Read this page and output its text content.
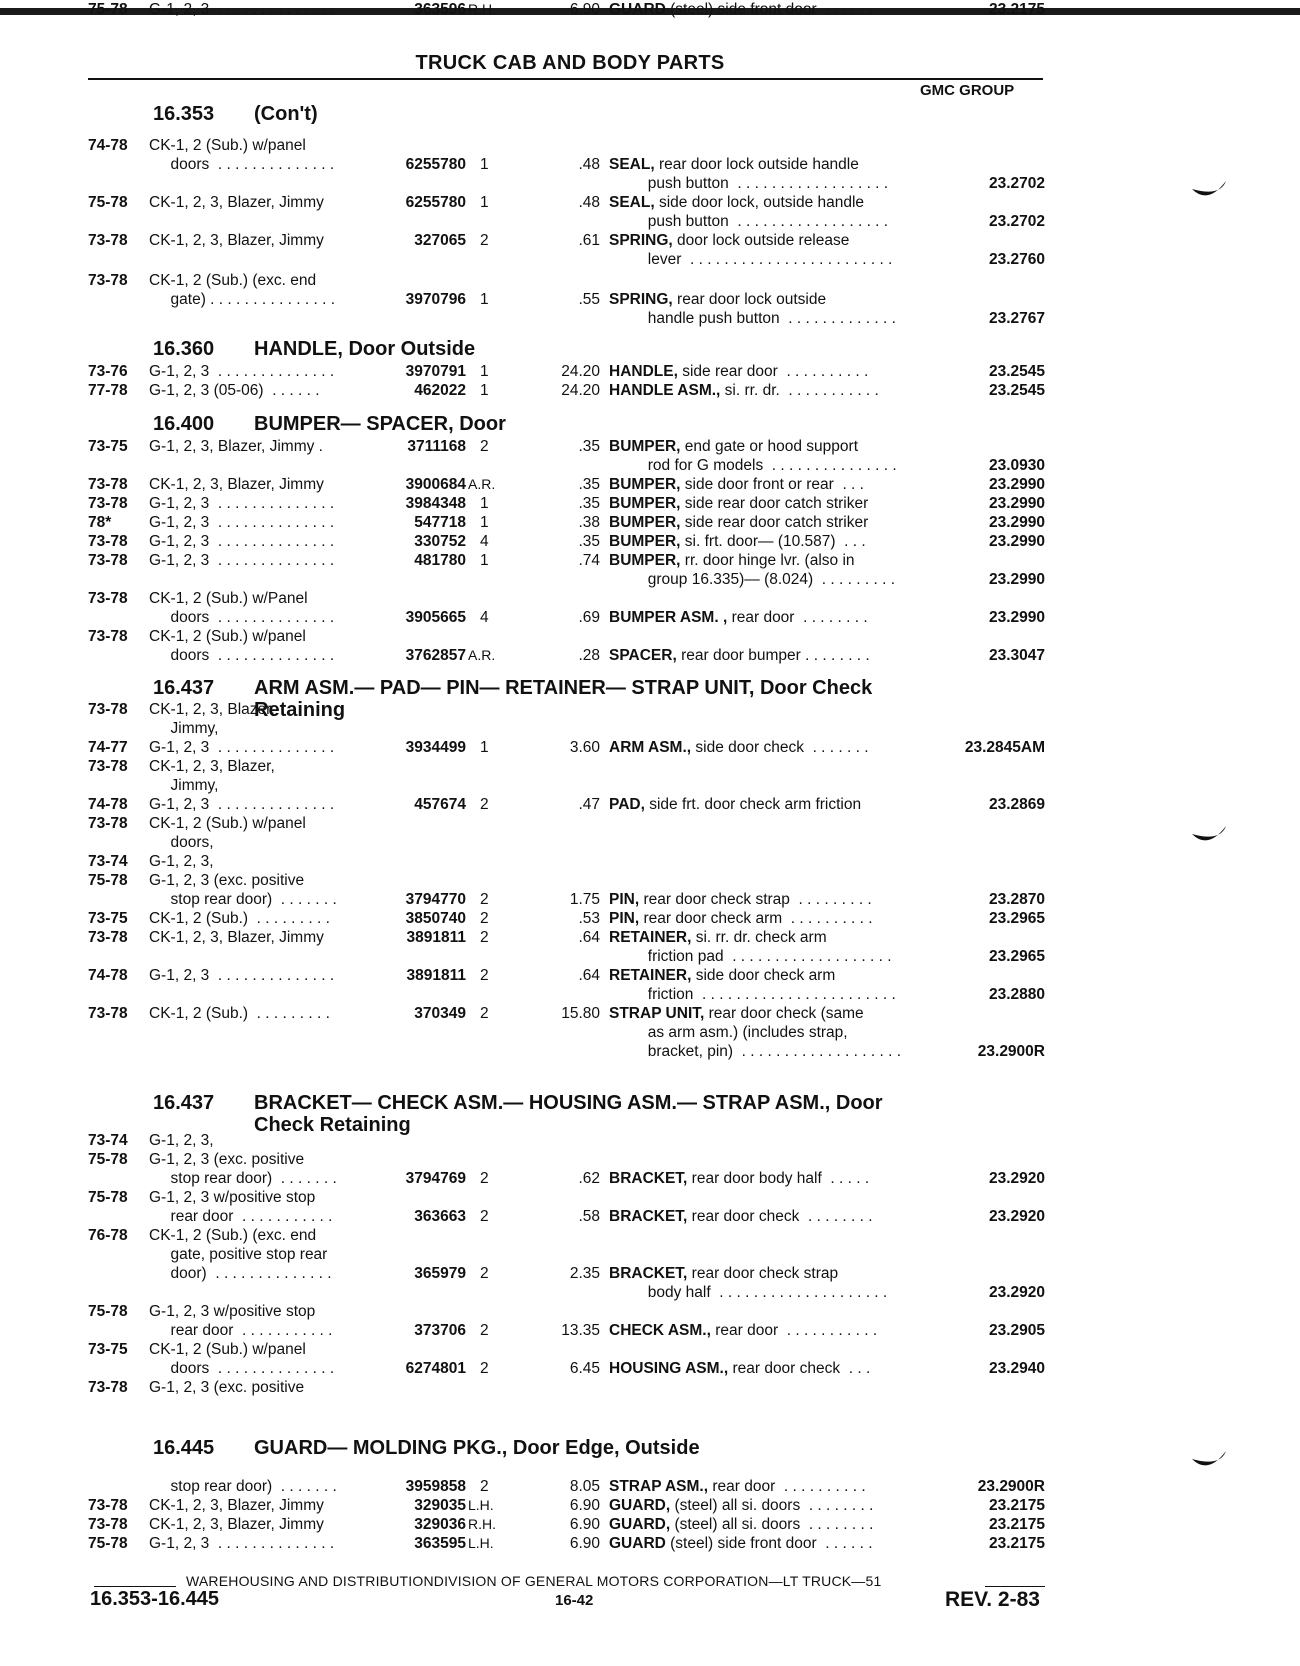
TRUCK CAB AND BODY PARTS
GMC GROUP
16.353 (Con't)
16.360 HANDLE, Door Outside
16.400 BUMPER— SPACER, Door
16.437 ARM ASM.— PAD— PIN— RETAINER— STRAP UNIT, Door Check
Retaining
16.437 BRACKET— CHECK ASM.— HOUSING ASM.— STRAP ASM., Door
Check Retaining
16.445 GUARD— MOLDING PKG., Door Edge, Outside
74-78	CK-1, 2 (Sub.) w/panel
doors  . . . . . . . . . . . . . .	6255780 1	.48 SEAL, rear door lock outside handle
push button  . . . . . . . . . . . . . . . . . .	23.2702
75-78	CK-1, 2, 3, Blazer, Jimmy	6255780 1	.48 SEAL, side door lock, outside handle
push button  . . . . . . . . . . . . . . . . . .	23.2702
73-78	CK-1, 2, 3, Blazer, Jimmy	327065 2	.61 SPRING, door lock outside release
lever  . . . . . . . . . . . . . . . . . . . . . . . .	23.2760
73-78	CK-1, 2 (Sub.) (exc. end
gate) . . . . . . . . . . . . . . .	3970796 1	.55 SPRING, rear door lock outside
handle push button  . . . . . . . . . . . . .	23.2767
73-76	G-1, 2, 3  . . . . . . . . . . . . . .	3970791 1	24.20 HANDLE, side rear door  . . . . . . . . . .	23.2545
77-78	G-1, 2, 3 (05-06)  . . . . . .	462022 1	24.20 HANDLE ASM., si. rr. dr.  . . . . . . . . . . .	23.2545
73-75	G-1, 2, 3, Blazer, Jimmy .	3711168 2	.35 BUMPER, end gate or hood support
rod for G models  . . . . . . . . . . . . . . .	23.0930
73-78	CK-1, 2, 3, Blazer, Jimmy	3900684 A.R.	.35 BUMPER, side door front or rear  . . .	23.2990
73-78	G-1, 2, 3  . . . . . . . . . . . . . .	3984348 1	.35 BUMPER, side rear door catch striker	23.2990
78*	G-1, 2, 3  . . . . . . . . . . . . . .	547718 1	.38 BUMPER, side rear door catch striker	23.2990
73-78	G-1, 2, 3  . . . . . . . . . . . . . .	330752 4	.35 BUMPER, si. frt. door— (10.587)  . . .	23.2990
73-78	G-1, 2, 3  . . . . . . . . . . . . . .	481780 1	.74 BUMPER, rr. door hinge lvr. (also in
group 16.335)— (8.024)  . . . . . . . . .	23.2990
73-78	CK-1, 2 (Sub.) w/Panel
doors  . . . . . . . . . . . . . .	3905665 4	.69 BUMPER ASM. , rear door  . . . . . . . .	23.2990
73-78	CK-1, 2 (Sub.) w/panel
doors  . . . . . . . . . . . . . .	3762857 A.R.	.28 SPACER, rear door bumper . . . . . . . .	23.3047
73-78	CK-1, 2, 3, Blazer,
Jimmy,
74-77	G-1, 2, 3  . . . . . . . . . . . . . .	3934499 1	3.60 ARM ASM., side door check  . . . . . . .	23.2845AM
73-78	CK-1, 2, 3, Blazer,
Jimmy,
74-78	G-1, 2, 3  . . . . . . . . . . . . . .	457674 2	.47 PAD, side frt. door check arm friction	23.2869
73-78	CK-1, 2 (Sub.) w/panel
doors,
73-74	G-1, 2, 3,
75-78	G-1, 2, 3 (exc. positive
stop rear door)  . . . . . . .	3794770 2	1.75 PIN, rear door check strap  . . . . . . . . .	23.2870
73-75	CK-1, 2 (Sub.)  . . . . . . . . .	3850740 2	.53 PIN, rear door check arm  . . . . . . . . . .	23.2965
73-78	CK-1, 2, 3, Blazer, Jimmy	3891811 2	.64 RETAINER, si. rr. dr. check arm
friction pad  . . . . . . . . . . . . . . . . . . .	23.2965
74-78	G-1, 2, 3  . . . . . . . . . . . . . .	3891811 2	.64 RETAINER, side door check arm
friction  . . . . . . . . . . . . . . . . . . . . . . .	23.2880
73-78	CK-1, 2 (Sub.)  . . . . . . . . .	370349 2	15.80 STRAP UNIT, rear door check (same
as arm asm.) (includes strap,
bracket, pin)  . . . . . . . . . . . . . . . . . . .	23.2900R
73-74	G-1, 2, 3,
75-78	G-1, 2, 3 (exc. positive
stop rear door)  . . . . . . .	3794769 2	.62 BRACKET, rear door body half  . . . . .	23.2920
75-78	G-1, 2, 3 w/positive stop
rear door  . . . . . . . . . . .	363663 2	.58 BRACKET, rear door check  . . . . . . . .	23.2920
76-78	CK-1, 2 (Sub.) (exc. end
gate, positive stop rear
door)  . . . . . . . . . . . . . .	365979 2	2.35 BRACKET, rear door check strap
body half  . . . . . . . . . . . . . . . . . . . .	23.2920
75-78	G-1, 2, 3 w/positive stop
rear door  . . . . . . . . . . .	373706 2	13.35 CHECK ASM., rear door  . . . . . . . . . . .	23.2905
73-75	CK-1, 2 (Sub.) w/panel
doors  . . . . . . . . . . . . . .	6274801 2	6.45 HOUSING ASM., rear door check  . . .	23.2940
73-78	G-1, 2, 3 (exc. positive
stop rear door)  . . . . . . .	3959858 2	8.05 STRAP ASM., rear door  . . . . . . . . . .	23.2900R
73-78	CK-1, 2, 3, Blazer, Jimmy	329035 L.H.	6.90 GUARD, (steel) all si. doors  . . . . . . . .	23.2175
73-78	CK-1, 2, 3, Blazer, Jimmy	329036 R.H.	6.90 GUARD, (steel) all si. doors  . . . . . . . .	23.2175
75-78	G-1, 2, 3  . . . . . . . . . . . . . .	363595 L.H.	6.90 GUARD (steel) side front door  . . . . . .	23.2175
75-78	G-1, 2, 3  . . . . . . . . . . . . . .	363596 R.H.	6.90 GUARD (steel) side front door  . . . . . .	23.2175
WAREHOUSING AND DISTRIBUTIONDIVISION OF GENERAL MOTORS CORPORATION—LT TRUCK—51
16.353-16.445	16-42	REV. 2-83
